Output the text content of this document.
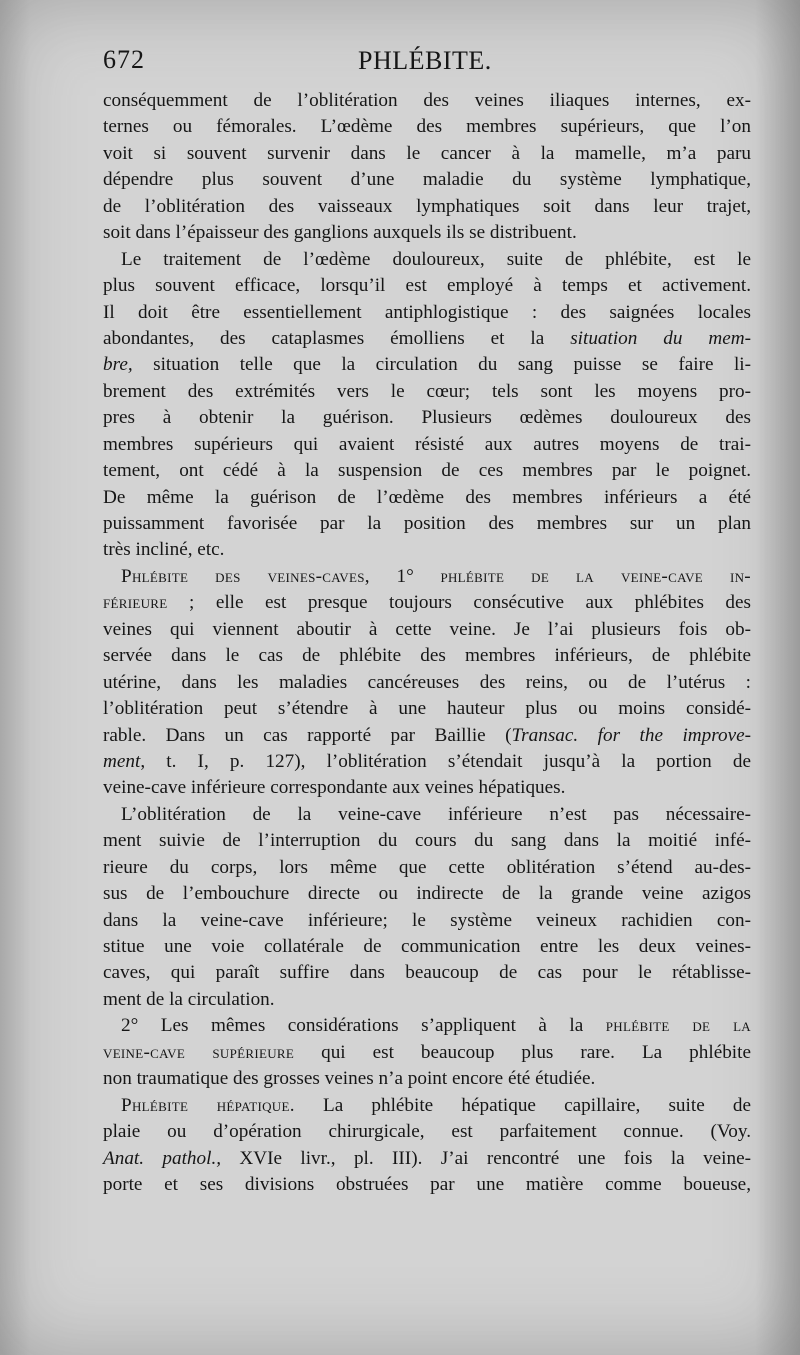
672	PHLÉBITE.
conséquemment de l’oblitération des veines iliaques internes, ex-
ternes ou fémorales. L’œdème des membres supérieurs, que l’on
voit si souvent survenir dans le cancer à la mamelle, m’a paru
dépendre plus souvent d’une maladie du système lymphatique,
de l’oblitération des vaisseaux lymphatiques soit dans leur trajet,
soit dans l’épaisseur des ganglions auxquels ils se distribuent.
Le traitement de l’œdème douloureux, suite de phlébite, est le
plus souvent efficace, lorsqu’il est employé à temps et activement.
Il doit être essentiellement antiphlogistique : des saignées locales
abondantes, des cataplasmes émolliens et la situation du mem-
bre, situation telle que la circulation du sang puisse se faire li-
brement des extrémités vers le cœur; tels sont les moyens pro-
pres à obtenir la guérison. Plusieurs œdèmes douloureux des
membres supérieurs qui avaient résisté aux autres moyens de trai-
tement, ont cédé à la suspension de ces membres par le poignet.
De même la guérison de l’œdème des membres inférieurs a été
puissamment favorisée par la position des membres sur un plan
très incliné, etc.
Phlébite des veines-caves, 1° phlébite de la veine-cave in-
férieure ; elle est presque toujours consécutive aux phlébites des
veines qui viennent aboutir à cette veine. Je l’ai plusieurs fois ob-
servée dans le cas de phlébite des membres inférieurs, de phlébite
utérine, dans les maladies cancéreuses des reins, ou de l’utérus :
l’oblitération peut s’étendre à une hauteur plus ou moins considé-
rable. Dans un cas rapporté par Baillie (Transac. for the improve-
ment, t. I, p. 127), l’oblitération s’étendait jusqu’à la portion de
veine-cave inférieure correspondante aux veines hépatiques.
L’oblitération de la veine-cave inférieure n’est pas nécessaire-
ment suivie de l’interruption du cours du sang dans la moitié infé-
rieure du corps, lors même que cette oblitération s’étend au-des-
sus de l’embouchure directe ou indirecte de la grande veine azigos
dans la veine-cave inférieure; le système veineux rachidien con-
stitue une voie collatérale de communication entre les deux veines-
caves, qui paraît suffire dans beaucoup de cas pour le rétablisse-
ment de la circulation.
2° Les mêmes considérations s’appliquent à la phlébite de la
veine-cave supérieure qui est beaucoup plus rare. La phlébite
non traumatique des grosses veines n’a point encore été étudiée.
Phlébite hépatique. La phlébite hépatique capillaire, suite de
plaie ou d’opération chirurgicale, est parfaitement connue. (Voy.
Anat. pathol., XVIe livr., pl. III). J’ai rencontré une fois la veine-
porte et ses divisions obstruées par une matière comme boueuse,
